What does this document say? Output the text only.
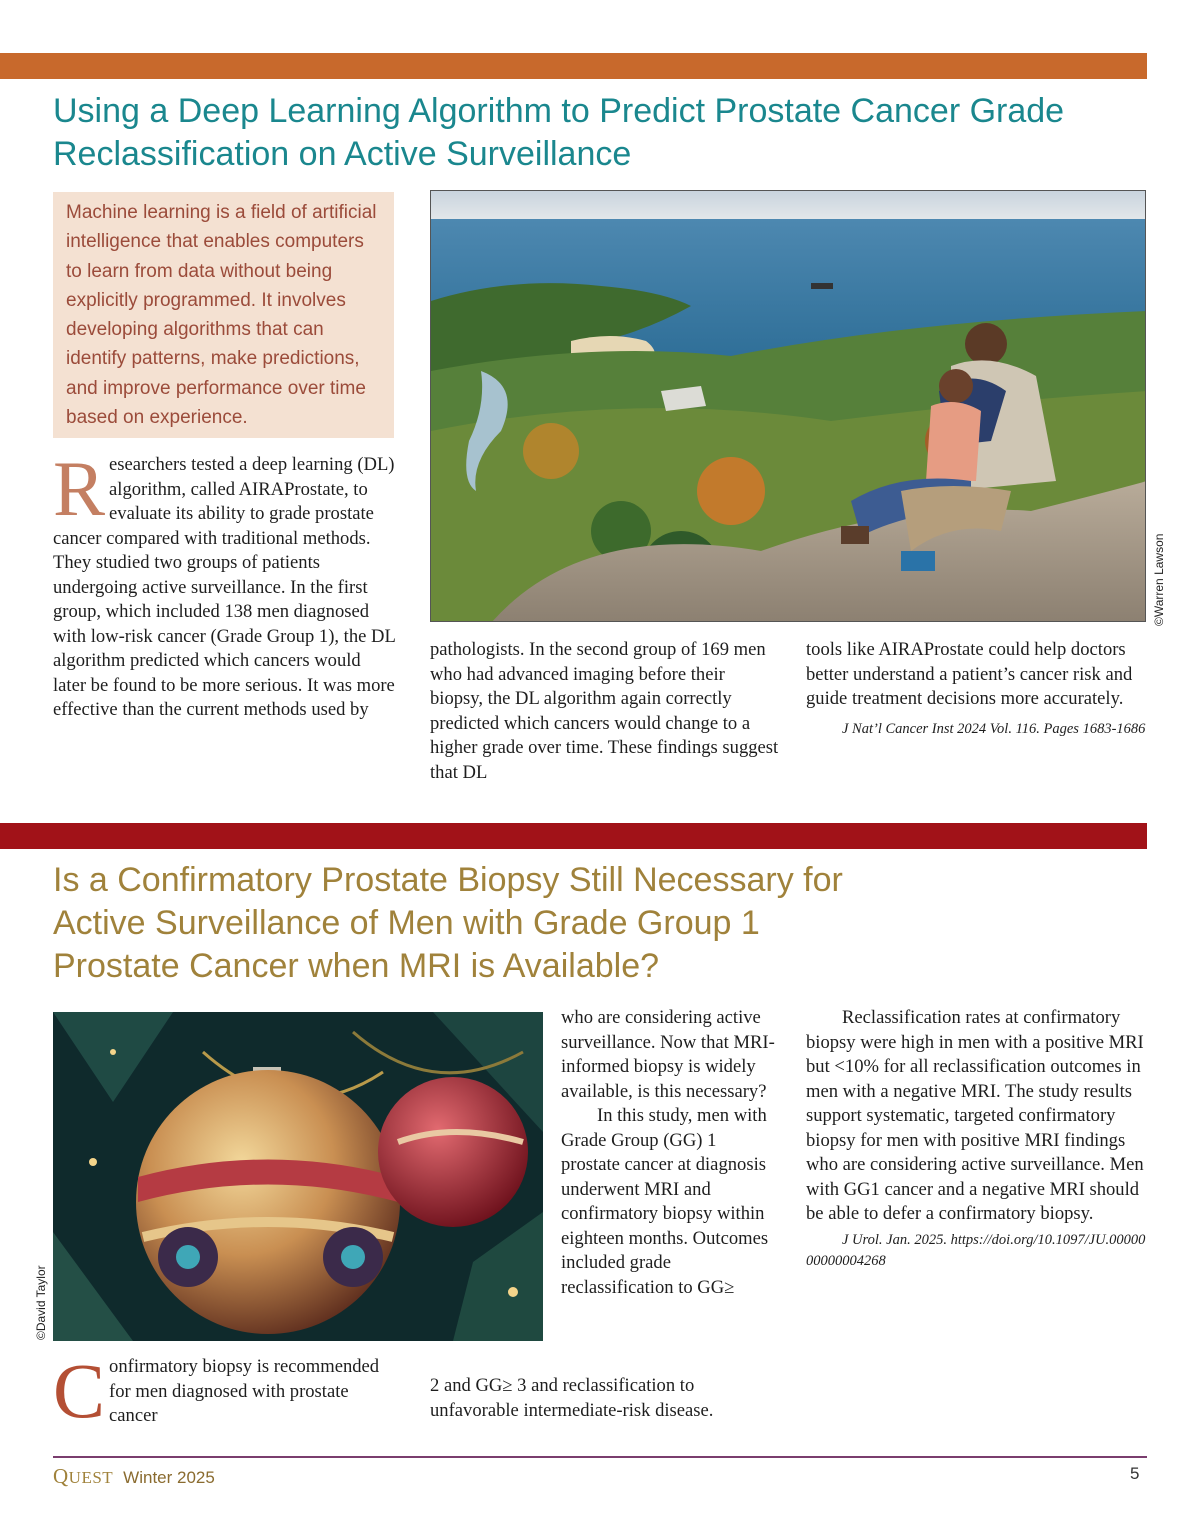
Using a Deep Learning Algorithm to Predict Prostate Cancer Grade Reclassification on Active Surveillance
Machine learning is a field of artificial intelligence that enables computers to learn from data without being explicitly programmed. It involves developing algorithms that can identify patterns, make predictions, and improve performance over time based on experience.
Researchers tested a deep learning (DL) algorithm, called AIRAProstate, to evaluate its ability to grade prostate cancer compared with traditional methods. They studied two groups of patients undergoing active surveillance. In the first group, which included 138 men diagnosed with low-risk cancer (Grade Group 1), the DL algorithm predicted which cancers would later be found to be more serious. It was more effective than the current methods used by
©Warren Lawson

pathologists. In the second group of 169 men who had advanced imaging before their biopsy, the DL algorithm again correctly predicted which cancers would change to a higher grade over time. These findings suggest that DL

tools like AIRAProstate could help doctors better understand a patient’s cancer risk and guide treatment decisions more accurately.

J Nat’l Cancer Inst 2024 Vol. 116. Pages 1683-1686

Is a Confirmatory Prostate Biopsy Still Necessary for Active Surveillance of Men with Grade Group 1 Prostate Cancer when MRI is Available?
©David Taylor
Confirmatory biopsy is recommended for men diagnosed with prostate cancer

who are considering active surveillance. Now that MRI-informed biopsy is widely available, is this necessary?

In this study, men with Grade Group (GG) 1 prostate cancer at diagnosis underwent MRI and confirmatory biopsy within eighteen months. Outcomes included grade reclassification to GG≥

2 and GG≥ 3 and reclassification to unfavorable intermediate-risk disease.

Reclassification rates at confirmatory biopsy were high in men with a positive MRI but <10% for all reclassification outcomes in men with a negative MRI. The study results support systematic, targeted confirmatory biopsy for men with positive MRI findings who are considering active surveillance. Men with GG1 cancer and a negative MRI should be able to defer a confirmatory biopsy.

J Urol. Jan. 2025. https://doi.org/10.1097/JU.0000000000004268

QUEST Winter 2025	5
